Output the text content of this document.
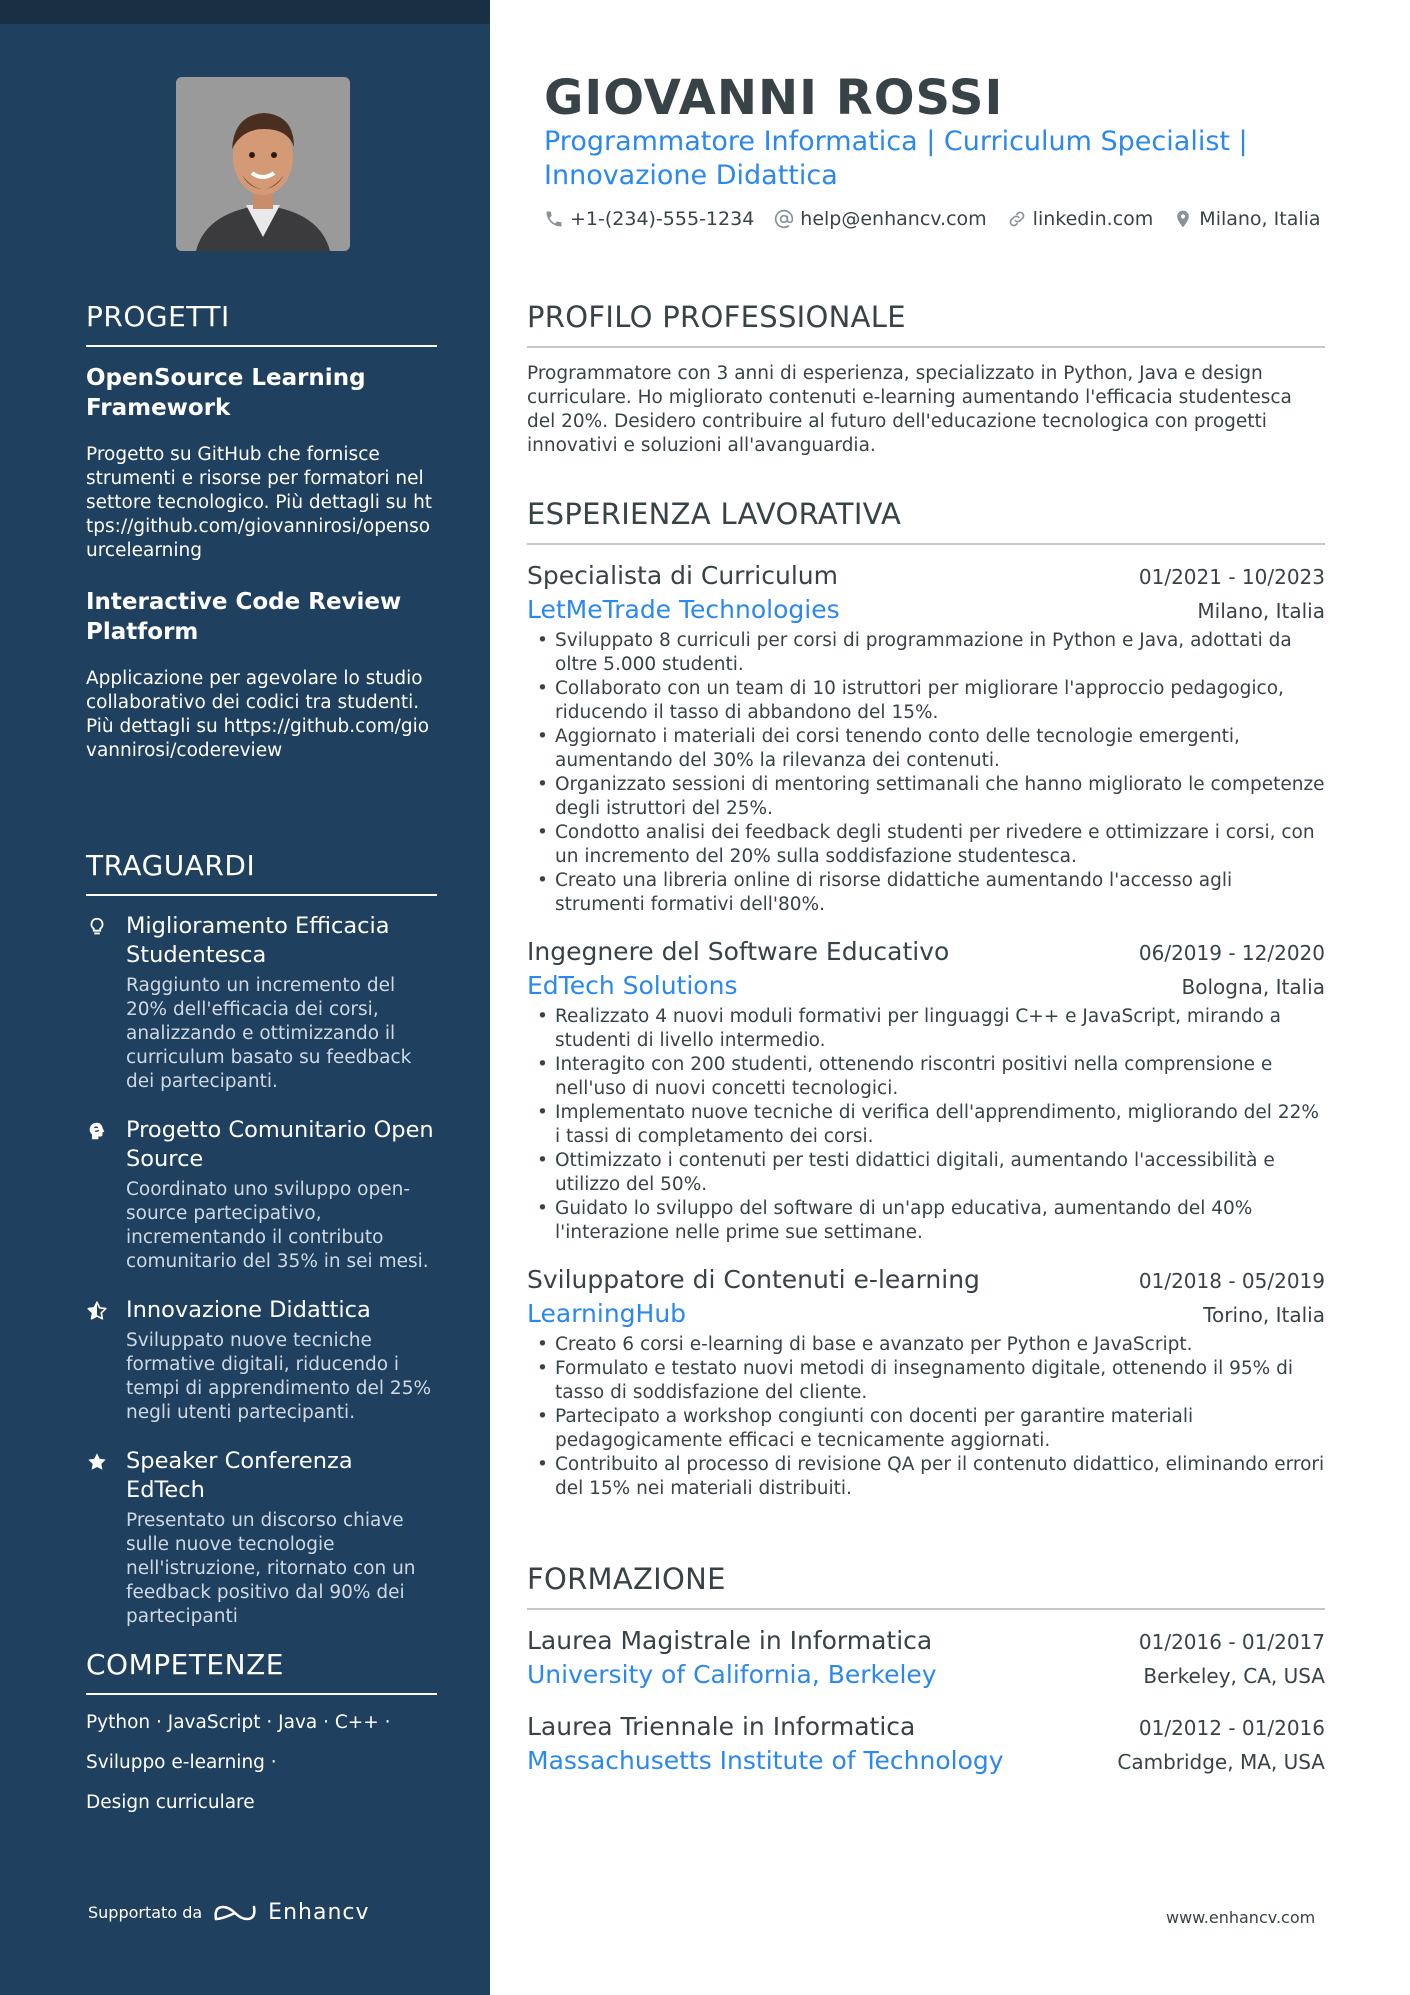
PROGETTI
OpenSource Learning Framework
Progetto su GitHub che fornisce strumenti e risorse per formatori nel settore tecnologico. Più dettagli su https://github.com/giovannirosi/opensourcelearning
Interactive Code Review Platform
Applicazione per agevolare lo studio collaborativo dei codici tra studenti. Più dettagli su https://github.com/giovannirosi/codereview
TRAGUARDI
Miglioramento Efficacia Studentesca
Raggiunto un incremento del 20% dell'efficacia dei corsi, analizzando e ottimizzando il curriculum basato su feedback dei partecipanti.
Progetto Comunitario Open Source
Coordinato uno sviluppo open-source partecipativo, incrementando il contributo comunitario del 35% in sei mesi.
Innovazione Didattica
Sviluppato nuove tecniche formative digitali, riducendo i tempi di apprendimento del 25% negli utenti partecipanti.
Speaker Conferenza EdTech
Presentato un discorso chiave sulle nuove tecnologie nell'istruzione, ritornato con un feedback positivo dal 90% dei partecipanti
COMPETENZE
Python · JavaScript · Java · C++ ·
Sviluppo e-learning ·
Design curriculare
Supportato da	Enhancv
GIOVANNI ROSSI
Programmatore Informatica | Curriculum Specialist | Innovazione Didattica
+1-(234)-555-1234 help@enhancv.com linkedin.com Milano, Italia
PROFILO PROFESSIONALE
Programmatore con 3 anni di esperienza, specializzato in Python, Java e design curriculare. Ho migliorato contenuti e-learning aumentando l'efficacia studentesca del 20%. Desidero contribuire al futuro dell'educazione tecnologica con progetti innovativi e soluzioni all'avanguardia.
ESPERIENZA LAVORATIVA
Specialista di Curriculum	01/2021 - 10/2023
LetMeTrade Technologies	Milano, Italia
• Sviluppato 8 curriculi per corsi di programmazione in Python e Java, adottati da oltre 5.000 studenti.
• Collaborato con un team di 10 istruttori per migliorare l'approccio pedagogico, riducendo il tasso di abbandono del 15%.
• Aggiornato i materiali dei corsi tenendo conto delle tecnologie emergenti, aumentando del 30% la rilevanza dei contenuti.
• Organizzato sessioni di mentoring settimanali che hanno migliorato le competenze degli istruttori del 25%.
• Condotto analisi dei feedback degli studenti per rivedere e ottimizzare i corsi, con un incremento del 20% sulla soddisfazione studentesca.
• Creato una libreria online di risorse didattiche aumentando l'accesso agli strumenti formativi dell'80%.
Ingegnere del Software Educativo	06/2019 - 12/2020
EdTech Solutions	Bologna, Italia
• Realizzato 4 nuovi moduli formativi per linguaggi C++ e JavaScript, mirando a studenti di livello intermedio.
• Interagito con 200 studenti, ottenendo riscontri positivi nella comprensione e nell'uso di nuovi concetti tecnologici.
• Implementato nuove tecniche di verifica dell'apprendimento, migliorando del 22% i tassi di completamento dei corsi.
• Ottimizzato i contenuti per testi didattici digitali, aumentando l'accessibilità e utilizzo del 50%.
• Guidato lo sviluppo del software di un'app educativa, aumentando del 40% l'interazione nelle prime sue settimane.
Sviluppatore di Contenuti e-learning	01/2018 - 05/2019
LearningHub	Torino, Italia
• Creato 6 corsi e-learning di base e avanzato per Python e JavaScript.
• Formulato e testato nuovi metodi di insegnamento digitale, ottenendo il 95% di tasso di soddisfazione del cliente.
• Partecipato a workshop congiunti con docenti per garantire materiali pedagogicamente efficaci e tecnicamente aggiornati.
• Contribuito al processo di revisione QA per il contenuto didattico, eliminando errori del 15% nei materiali distribuiti.
FORMAZIONE
Laurea Magistrale in Informatica	01/2016 - 01/2017
University of California, Berkeley	Berkeley, CA, USA
Laurea Triennale in Informatica	01/2012 - 01/2016
Massachusetts Institute of Technology	Cambridge, MA, USA
www.enhancv.com
